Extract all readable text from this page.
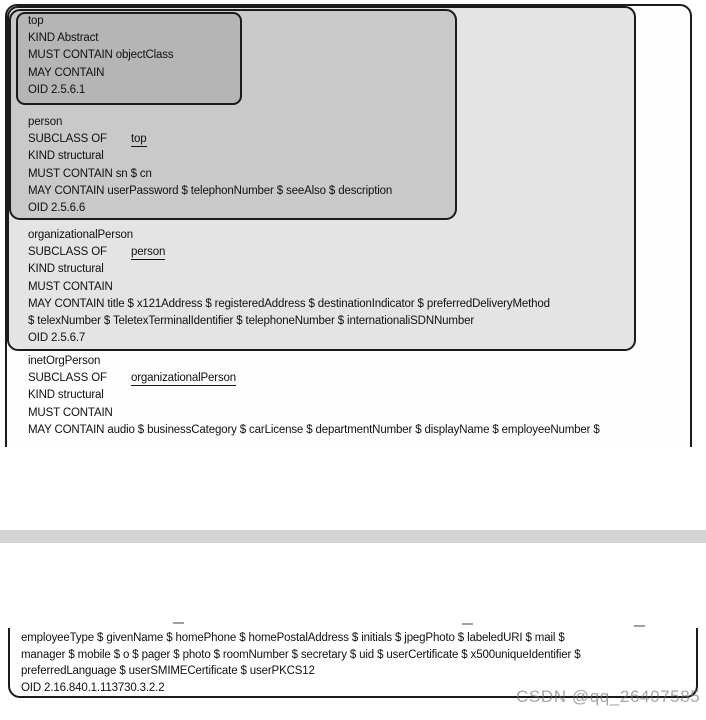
top
KIND Abstract
MUST CONTAIN objectClass
MAY CONTAIN
OID 2.5.6.1
person
SUBCLASS OF top
KIND structural
MUST CONTAIN sn $ cn
MAY CONTAIN userPassword $ telephonNumber $ seeAlso $ description
OID 2.5.6.6
organizationalPerson
SUBCLASS OF person
KIND structural
MUST CONTAIN
MAY CONTAIN title $ x121Address $ registeredAddress $ destinationIndicator $ preferredDeliveryMethod
$ telexNumber $ TeletexTerminalIdentifier $ telephoneNumber $ internationaliSDNNumber
OID 2.5.6.7
inetOrgPerson
SUBCLASS OF organizationalPerson
KIND structural
MUST CONTAIN
MAY CONTAIN audio $ businessCategory $ carLicense $ departmentNumber $ displayName $ employeeNumber $
employeeType $ givenName $ homePhone $ homePostalAddress $ initials $ jpegPhoto $ labeledURI $ mail $
manager $ mobile $ o $ pager $ photo $ roomNumber $ secretary $ uid $ userCertificate $ x500uniqueIdentifier $
preferredLanguage $ userSMIMECertificate $ userPKCS12
OID 2.16.840.1.113730.3.2.2	CSDN @qq_26407585
